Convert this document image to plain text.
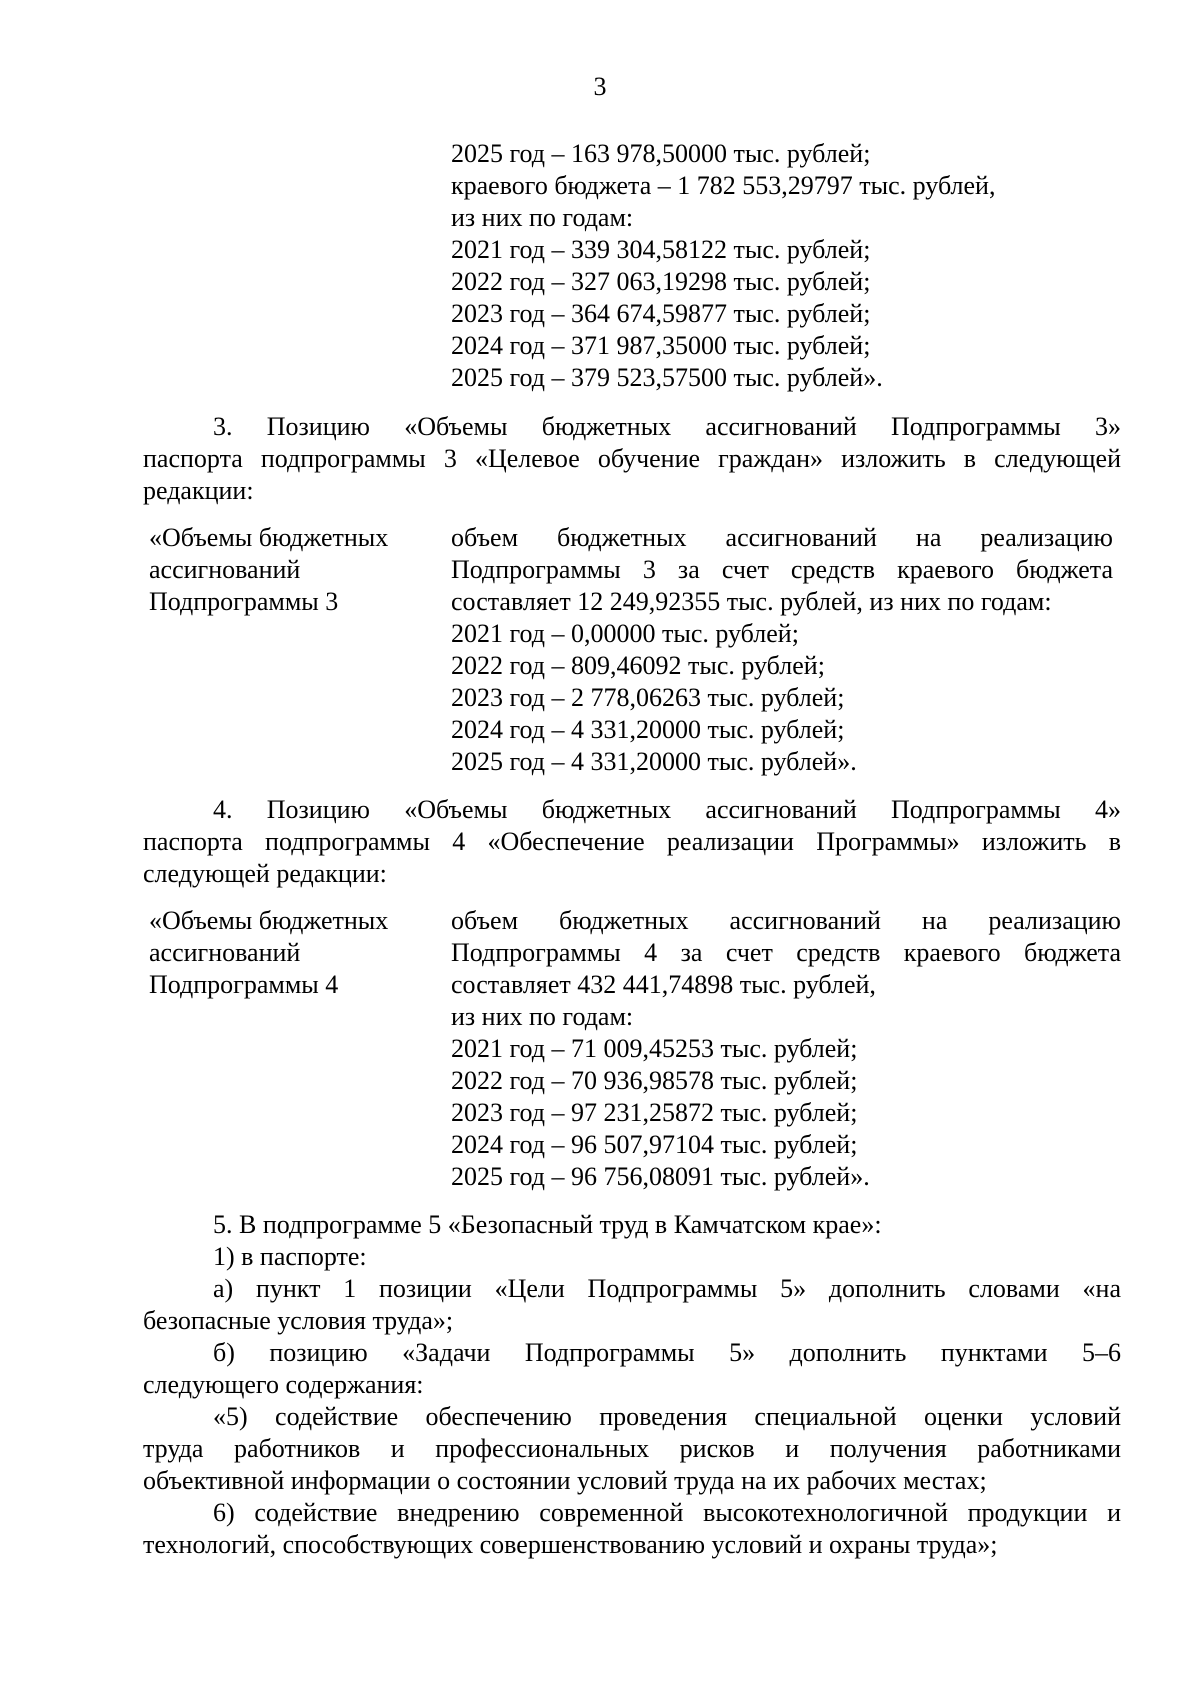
3
2025 год – 163 978,50000 тыс. рублей;
краевого бюджета – 1 782 553,29797 тыс. рублей,
из них по годам:
2021 год – 339 304,58122 тыс. рублей;
2022 год – 327 063,19298 тыс. рублей;
2023 год – 364 674,59877 тыс. рублей;
2024 год – 371 987,35000 тыс. рублей;
2025 год – 379 523,57500 тыс. рублей».
3. Позицию «Объемы бюджетных ассигнований Подпрограммы 3»
паспорта подпрограммы 3 «Целевое обучение граждан» изложить в следующей
редакции:
«Объемы бюджетных
ассигнований
Подпрограммы 3
объем бюджетных ассигнований на реализацию
Подпрограммы 3 за счет средств краевого бюджета
составляет 12 249,92355 тыс. рублей, из них по годам:
2021 год – 0,00000 тыс. рублей;
2022 год – 809,46092 тыс. рублей;
2023 год – 2 778,06263 тыс. рублей;
2024 год – 4 331,20000 тыс. рублей;
2025 год – 4 331,20000 тыс. рублей».
4. Позицию «Объемы бюджетных ассигнований Подпрограммы 4»
паспорта подпрограммы 4 «Обеспечение реализации Программы» изложить в
следующей редакции:
«Объемы бюджетных
ассигнований
Подпрограммы 4
объем бюджетных ассигнований на реализацию
Подпрограммы 4 за счет средств краевого бюджета
составляет 432 441,74898 тыс. рублей,
из них по годам:
2021 год – 71 009,45253 тыс. рублей;
2022 год – 70 936,98578 тыс. рублей;
2023 год – 97 231,25872 тыс. рублей;
2024 год – 96 507,97104 тыс. рублей;
2025 год – 96 756,08091 тыс. рублей».
5. В подпрограмме 5 «Безопасный труд в Камчатском крае»:
1) в паспорте:
а) пункт 1 позиции «Цели Подпрограммы 5» дополнить словами «на
безопасные условия труда»;
б) позицию «Задачи Подпрограммы 5» дополнить пунктами 5–6
следующего содержания:
«5) содействие обеспечению проведения специальной оценки условий
труда работников и профессиональных рисков и получения работниками
объективной информации о состоянии условий труда на их рабочих местах;
6) содействие внедрению современной высокотехнологичной продукции и
технологий, способствующих совершенствованию условий и охраны труда»;
